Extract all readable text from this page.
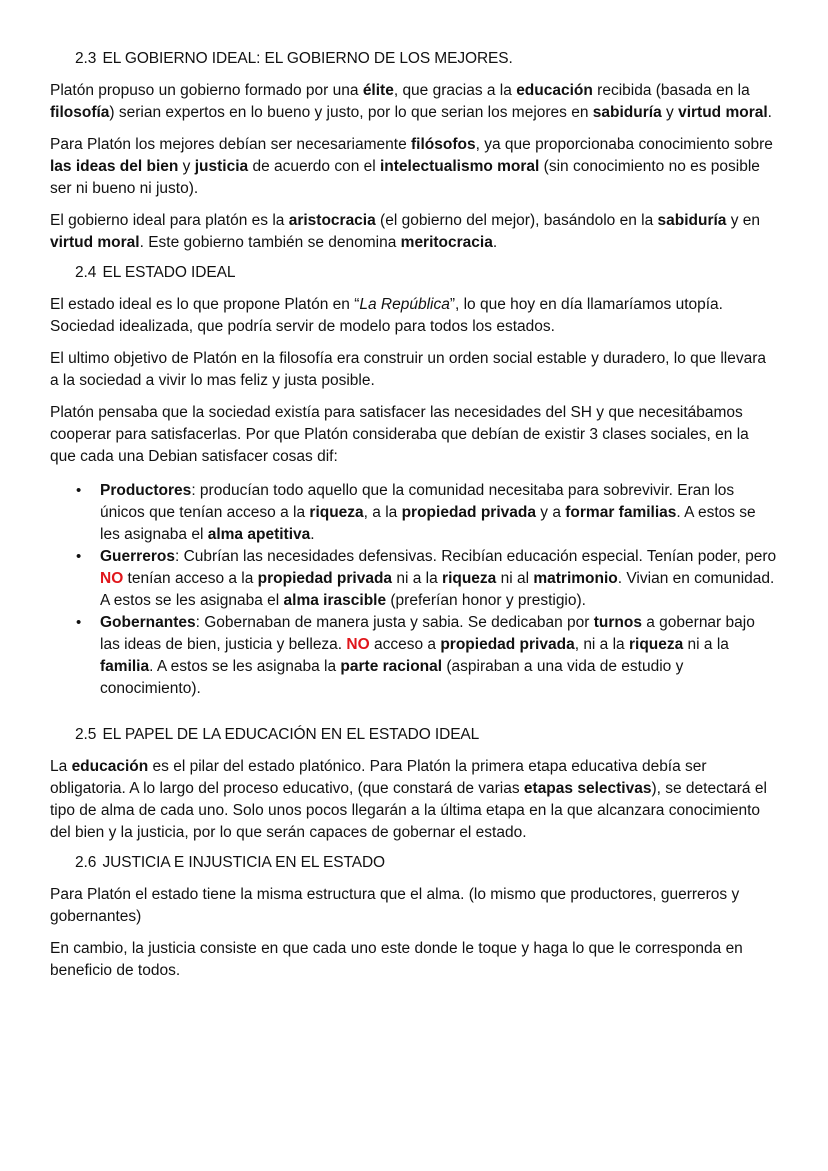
2.3 EL GOBIERNO IDEAL: EL GOBIERNO DE LOS MEJORES.

Platón propuso un gobierno formado por una élite, que gracias a la educación recibida (basada en la filosofía) serian expertos en lo bueno y justo, por lo que serian los mejores en sabiduría y virtud moral.

Para Platón los mejores debían ser necesariamente filósofos, ya que proporcionaba conocimiento sobre las ideas del bien y justicia de acuerdo con el intelectualismo moral (sin conocimiento no es posible ser ni bueno ni justo).

El gobierno ideal para platón es la aristocracia (el gobierno del mejor), basándolo en la sabiduría y en virtud moral. Este gobierno también se denomina meritocracia.

2.4 EL ESTADO IDEAL

El estado ideal es lo que propone Platón en “La República”, lo que hoy en día llamaríamos utopía. Sociedad idealizada, que podría servir de modelo para todos los estados.

El ultimo objetivo de Platón en la filosofía era construir un orden social estable y duradero, lo que llevara a la sociedad a vivir lo mas feliz y justa posible.

Platón pensaba que la sociedad existía para satisfacer las necesidades del SH y que necesitábamos cooperar para satisfacerlas. Por que Platón consideraba que debían de existir 3 clases sociales, en la que cada una Debian satisfacer cosas dif:

• Productores: producían todo aquello que la comunidad necesitaba para sobrevivir. Eran los únicos que tenían acceso a la riqueza, a la propiedad privada y a formar familias. A estos se les asignaba el alma apetitiva.
• Guerreros: Cubrían las necesidades defensivas. Recibían educación especial. Tenían poder, pero NO tenían acceso a la propiedad privada ni a la riqueza ni al matrimonio. Vivian en comunidad. A estos se les asignaba el alma irascible (preferían honor y prestigio).
• Gobernantes: Gobernaban de manera justa y sabia. Se dedicaban por turnos a gobernar bajo las ideas de bien, justicia y belleza. NO acceso a propiedad privada, ni a la riqueza ni a la familia. A estos se les asignaba la parte racional (aspiraban a una vida de estudio y conocimiento).
2.5 EL PAPEL DE LA EDUCACIÓN EN EL ESTADO IDEAL

La educación es el pilar del estado platónico. Para Platón la primera etapa educativa debía ser obligatoria. A lo largo del proceso educativo, (que constará de varias etapas selectivas), se detectará el tipo de alma de cada uno. Solo unos pocos llegarán a la última etapa en la que alcanzara conocimiento del bien y la justicia, por lo que serán capaces de gobernar el estado.

2.6 JUSTICIA E INJUSTICIA EN EL ESTADO

Para Platón el estado tiene la misma estructura que el alma. (lo mismo que productores, guerreros y gobernantes)

En cambio, la justicia consiste en que cada uno este donde le toque y haga lo que le corresponda en beneficio de todos.
